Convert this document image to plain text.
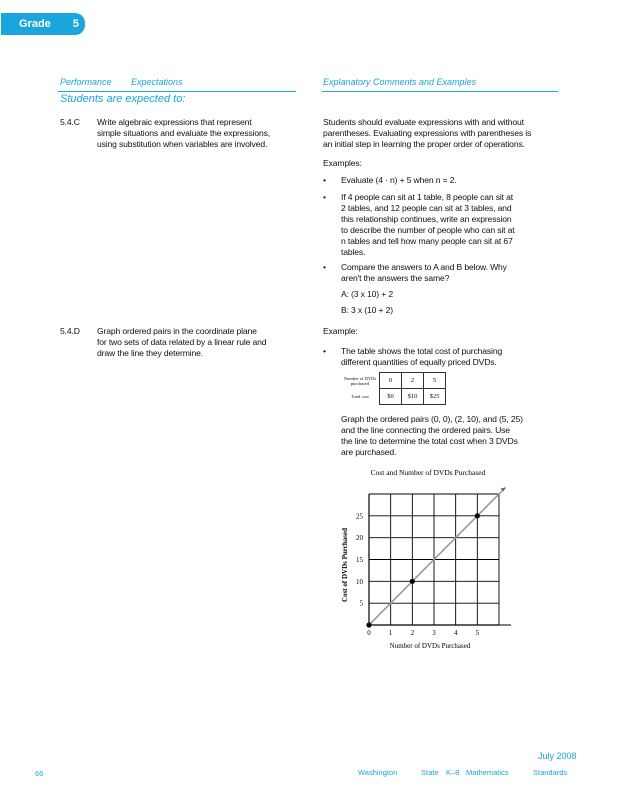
Grade 5
Performance Expectations	Explanatory Comments and Examples
Students are expected to:
5.4.C Write algebraic expressions that represent
simple situations and evaluate the expressions,
using substitution when variables are involved.
Students should evaluate expressions with and without
parentheses. Evaluating expressions with parentheses is
an initial step in learning the proper order of operations.
Examples:
• Evaluate (4 · n) + 5 when n = 2.
• If 4 people can sit at 1 table, 8 people can sit at
2 tables, and 12 people can sit at 3 tables, and
this relationship continues, write an expression
to describe the number of people who can sit at
n tables and tell how many people can sit at 67
tables.
• Compare the answers to A and B below. Why
aren't the answers the same?
A: (3 x 10) + 2
B: 3 x (10 + 2)
5.4.D Graph ordered pairs in the coordinate plane
for two sets of data related by a linear rule and
draw the line they determine.
Example:
• The table shows the total cost of purchasing
different quantities of equally priced DVDs.
Number of DVDs purchased	0	2	5
Total cost	$0	$10	$25
Graph the ordered pairs (0, 0), (2, 10), and (5, 25)
and the line connecting the ordered pairs. Use
the line to determine the total cost when 3 DVDs
are purchased.
Cost and Number of DVDs Purchased
0	1	2	3	4	5
5
10
15
20
25
Number of DVDs Purchased
Cost of DVDs Purchased
July 2008
66	Washington	State K–8 Mathematics	Standards
